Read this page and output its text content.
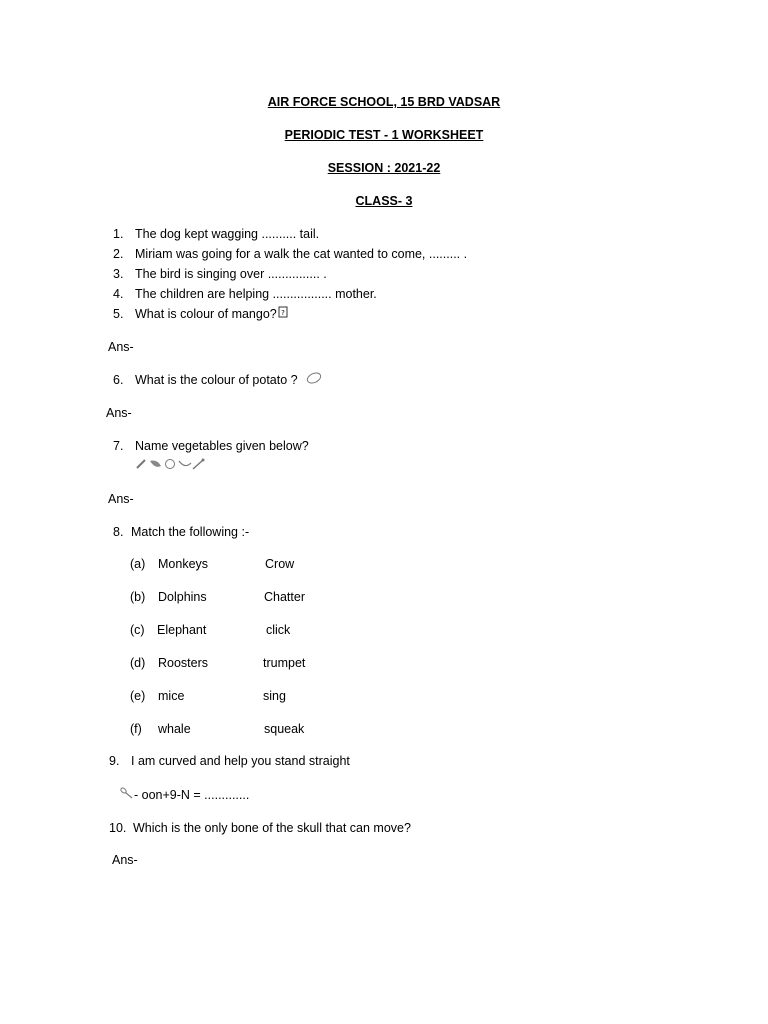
AIR FORCE SCHOOL, 15 BRD VADSAR
PERIODIC TEST - 1 WORKSHEET
SESSION : 2021-22
CLASS- 3
1. The dog kept wagging .......... tail.
2. Miriam was going for a walk the cat wanted to come, ......... .
3. The bird is singing over ............... .
4. The children are helping ................. mother.
5. What is colour of mango? ?
Ans-
6. What is the colour of potato ?
Ans-
7. Name vegetables given below?
Ans-
8. Match the following :-
(a) Monkeys	Crow
(b) Dolphins	Chatter
(c) Elephant	click
(d) Roosters	trumpet
(e) mice	sing
(f) whale	squeak
9. I am curved and help you stand straight
- oon+9-N = .............
10. Which is the only bone of the skull that can move?
Ans-
